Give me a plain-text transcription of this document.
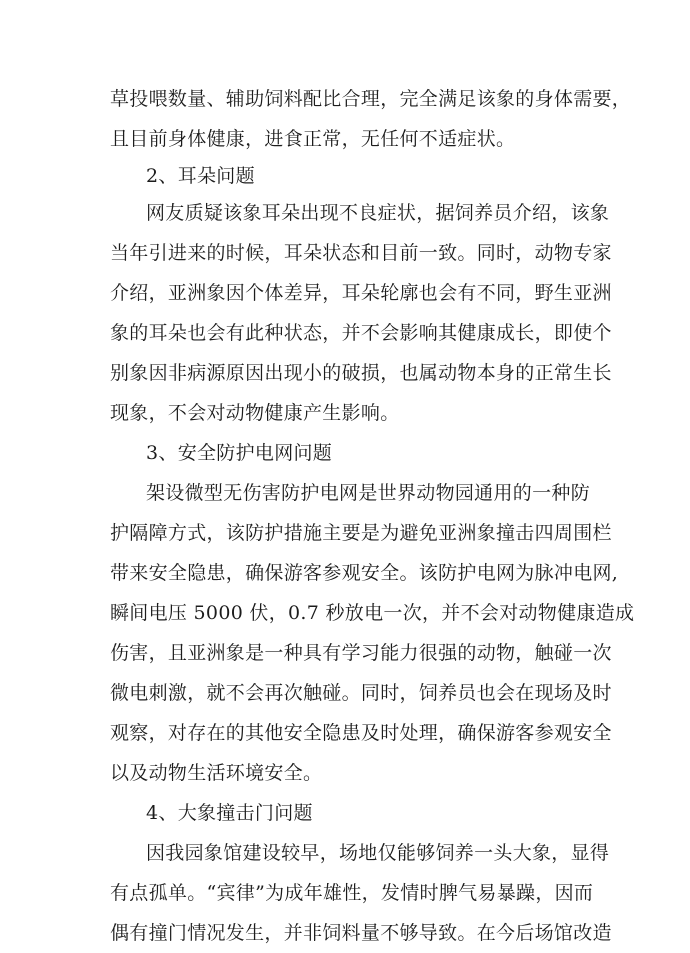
草投喂数量、辅助饲料配比合理，完全满足该象的身体需要，
且目前身体健康，进食正常，无任何不适症状。
2、耳朵问题
网友质疑该象耳朵出现不良症状，据饲养员介绍，该象
当年引进来的时候，耳朵状态和目前一致。同时，动物专家
介绍，亚洲象因个体差异，耳朵轮廓也会有不同，野生亚洲
象的耳朵也会有此种状态，并不会影响其健康成长，即使个
别象因非病源原因出现小的破损，也属动物本身的正常生长
现象，不会对动物健康产生影响。
3、安全防护电网问题
架设微型无伤害防护电网是世界动物园通用的一种防
护隔障方式，该防护措施主要是为避免亚洲象撞击四周围栏
带来安全隐患，确保游客参观安全。该防护电网为脉冲电网,
瞬间电压 5000 伏，0.7 秒放电一次，并不会对动物健康造成
伤害，且亚洲象是一种具有学习能力很强的动物，触碰一次
微电刺激，就不会再次触碰。同时，饲养员也会在现场及时
观察，对存在的其他安全隐患及时处理，确保游客参观安全
以及动物生活环境安全。
4、大象撞击门问题
因我园象馆建设较早，场地仅能够饲养一头大象，显得
有点孤单。“宾律”为成年雄性，发情时脾气易暴躁，因而
偶有撞门情况发生，并非饲料量不够导致。在今后场馆改造
